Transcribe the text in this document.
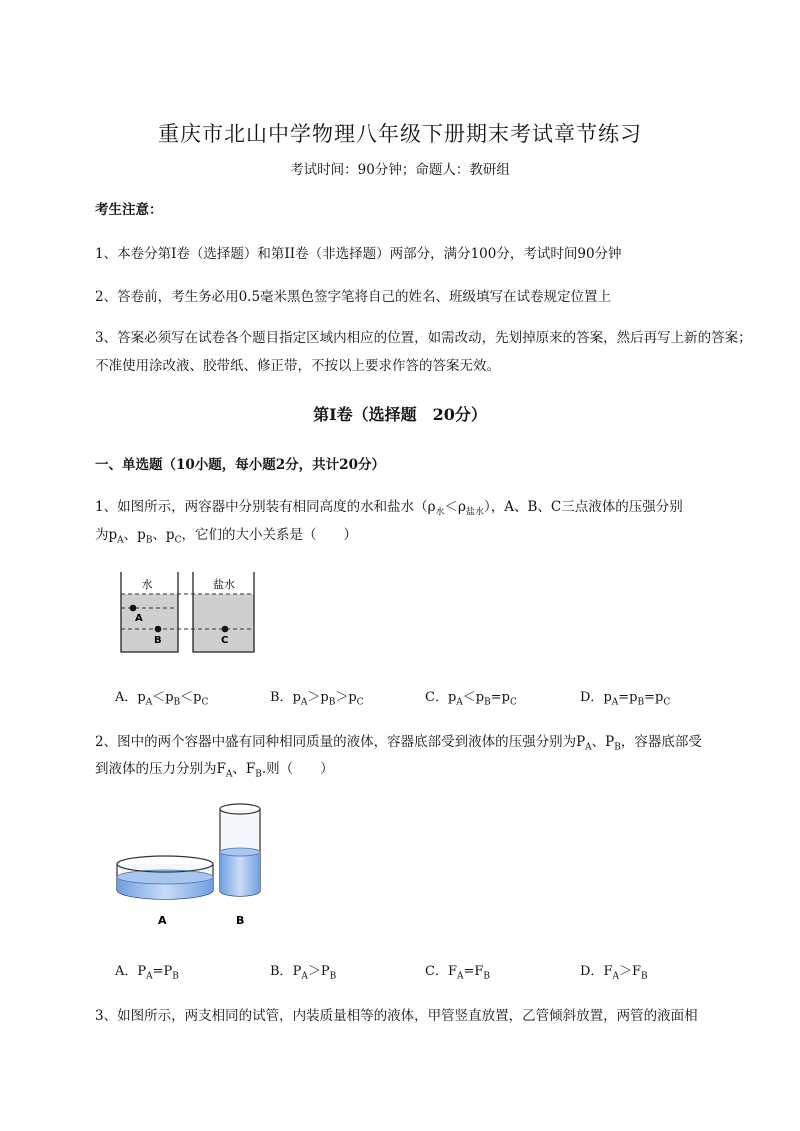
重庆市北山中学物理八年级下册期末考试章节练习
考试时间：90分钟；命题人：教研组
考生注意：
1、本卷分第I卷（选择题）和第II卷（非选择题）两部分，满分100分，考试时间90分钟
2、答卷前，考生务必用0.5毫米黑色签字笔将自己的姓名、班级填写在试卷规定位置上
3、答案必须写在试卷各个题目指定区域内相应的位置，如需改动，先划掉原来的答案，然后再写上新的答案；不准使用涂改液、胶带纸、修正带，不按以上要求作答的答案无效。
第I卷（选择题　20分）
一、单选题（10小题，每小题2分，共计20分）
1、如图所示，两容器中分别装有相同高度的水和盐水$(\rho_水<\rho_{盐水})$，A、B、C三点液体的压强分别
为$p_A$、$p_B$、$p_C$，它们的大小关系是（　　）
水	盐水
A
B	C
A．$p_A<p_B<p_C$	B．$p_A>p_B>p_C$	C．$p_A<p_B=p_C$	D．$p_A=p_B=p_C$
2、图中的两个容器中盛有同种相同质量的液体，容器底部受到液体的压强分别为$P_A$、$P_B$，容器底部受
到液体的压力分别为$F_A$、$F_B$.则（　　）
A	B
A．$P_A=P_B$	B．$P_A>P_B$	C．$F_A=F_B$	D．$F_A>F_B$
3、如图所示，两支相同的试管，内装质量相等的液体，甲管竖直放置，乙管倾斜放置，两管的液面相
